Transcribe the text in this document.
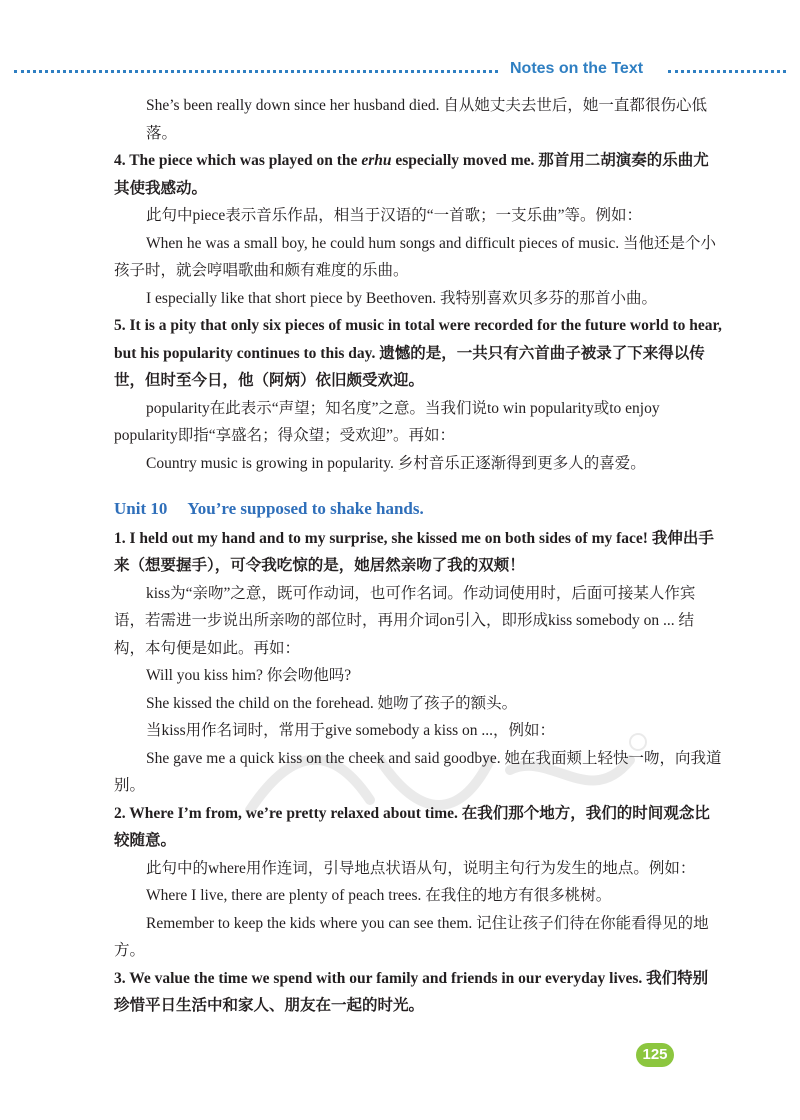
Notes on the Text

She’s been really down since her husband died. 自从她丈夫去世后，她一直都很伤心低落。

4. The piece which was played on the erhu especially moved me. 那首用二胡演奏的乐曲尤其使我感动。

此句中piece表示音乐作品，相当于汉语的“一首歌；一支乐曲”等。例如：

When he was a small boy, he could hum songs and difficult pieces of music. 当他还是个小孩子时，就会哼唱歌曲和颇有难度的乐曲。

I especially like that short piece by Beethoven. 我特别喜欢贝多芬的那首小曲。

5. It is a pity that only six pieces of music in total were recorded for the future world to hear, but his popularity continues to this day. 遗憾的是，一共只有六首曲子被录了下来得以传世，但时至今日，他（阿炳）依旧颇受欢迎。

popularity在此表示“声望；知名度”之意。当我们说to win popularity或to enjoy popularity即指“享盛名；得众望；受欢迎”。再如：

Country music is growing in popularity. 乡村音乐正逐渐得到更多人的喜爱。

Unit 10 You’re supposed to shake hands.

1. I held out my hand and to my surprise, she kissed me on both sides of my face! 我伸出手来（想要握手），可令我吃惊的是，她居然亲吻了我的双颊！

kiss为“亲吻”之意，既可作动词，也可作名词。作动词使用时，后面可接某人作宾语，若需进一步说出所亲吻的部位时，再用介词on引入，即形成kiss somebody on ... 结构，本句便是如此。再如：

Will you kiss him? 你会吻他吗?

She kissed the child on the forehead. 她吻了孩子的额头。

当kiss用作名词时，常用于give somebody a kiss on ...，例如：

She gave me a quick kiss on the cheek and said goodbye. 她在我面颊上轻快一吻，向我道别。

2. Where I’m from, we’re pretty relaxed about time. 在我们那个地方，我们的时间观念比较随意。

此句中的where用作连词，引导地点状语从句，说明主句行为发生的地点。例如：

Where I live, there are plenty of peach trees. 在我住的地方有很多桃树。

Remember to keep the kids where you can see them. 记住让孩子们待在你能看得见的地方。

3. We value the time we spend with our family and friends in our everyday lives. 我们特别珍惜平日生活中和家人、朋友在一起的时光。

125
